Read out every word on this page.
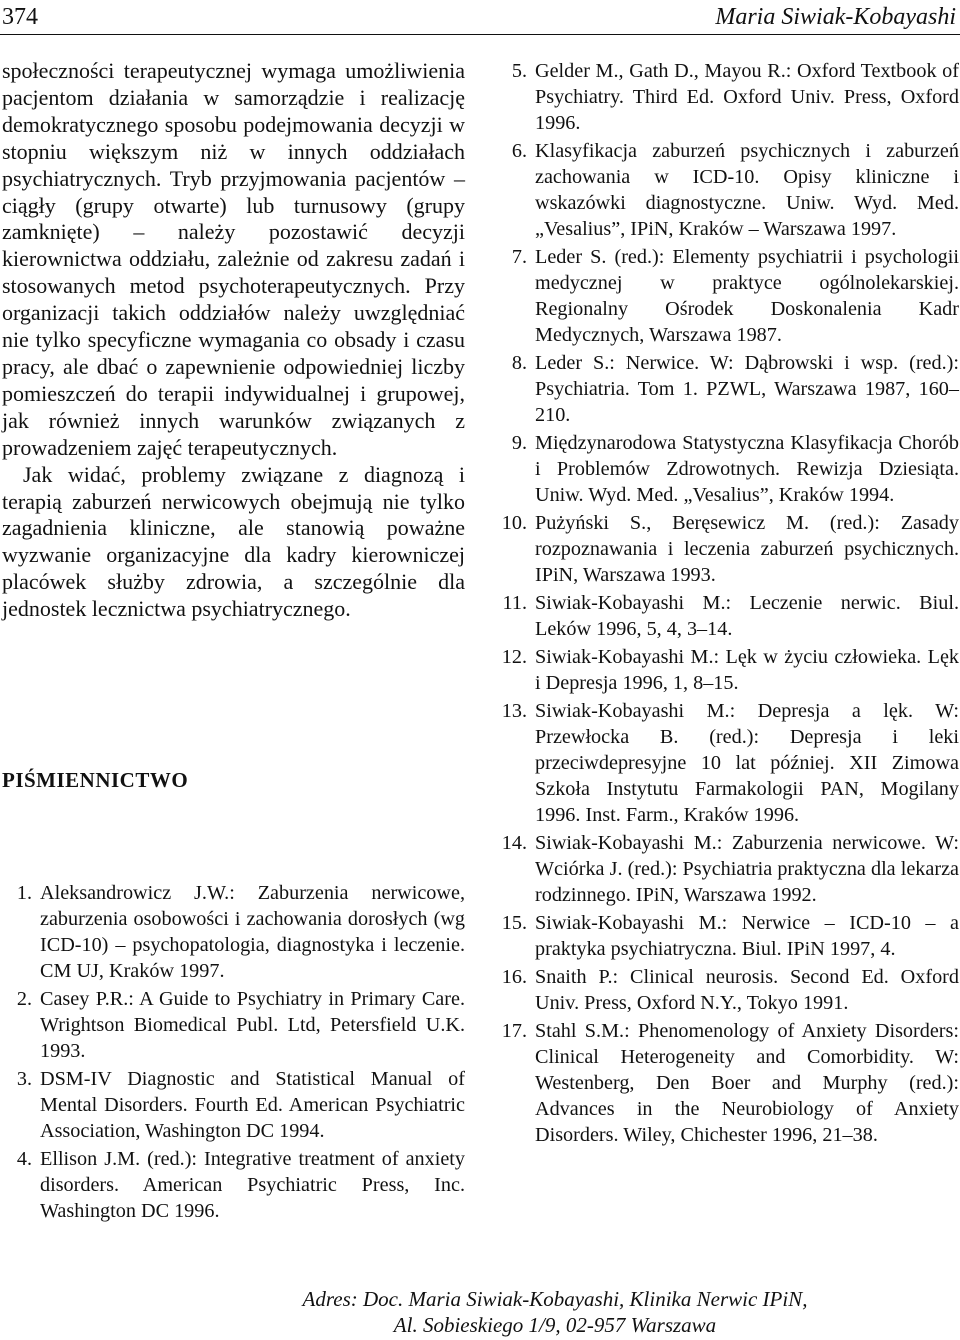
374	Maria Siwiak-Kobayashi

społeczności terapeutycznej wymaga umożliwienia pacjentom działania w samorządzie i realizację demokratycznego sposobu podejmowania decyzji w stopniu większym niż w innych oddziałach psychiatrycznych. Tryb przyjmowania pacjentów – ciągły (grupy otwarte) lub turnusowy (grupy zamknięte) – należy pozostawić decyzji kierownictwa oddziału, zależnie od zakresu zadań i stosowanych metod psychoterapeutycznych. Przy organizacji takich oddziałów należy uwzględniać nie tylko specyficzne wymagania co obsady i czasu pracy, ale dbać o zapewnienie odpowiedniej liczby pomieszczeń do terapii indywidualnej i grupowej, jak również innych warunków związanych z prowadzeniem zajęć terapeutycznych.

Jak widać, problemy związane z diagnozą i terapią zaburzeń nerwicowych obejmują nie tylko zagadnienia kliniczne, ale stanowią poważne wyzwanie organizacyjne dla kadry kierowniczej placówek służby zdrowia, a szczególnie dla jednostek lecznictwa psychiatrycznego.

PIŚMIENNICTWO
1. Aleksandrowicz J.W.: Zaburzenia nerwicowe, zaburzenia osobowości i zachowania dorosłych (wg ICD-10) – psychopatologia, diagnostyka i leczenie. CM UJ, Kraków 1997.
2. Casey P.R.: A Guide to Psychiatry in Primary Care. Wrightson Biomedical Publ. Ltd, Petersfield U.K. 1993.
3. DSM-IV Diagnostic and Statistical Manual of Mental Disorders. Fourth Ed. American Psychiatric Association, Washington DC 1994.
4. Ellison J.M. (red.): Integrative treatment of anxiety disorders. American Psychiatric Press, Inc. Washington DC 1996.
5. Gelder M., Gath D., Mayou R.: Oxford Textbook of Psychiatry. Third Ed. Oxford Univ. Press, Oxford 1996.
6. Klasyfikacja zaburzeń psychicznych i zaburzeń zachowania w ICD-10. Opisy kliniczne i wskazówki diagnostyczne. Uniw. Wyd. Med. „Vesalius”, IPiN, Kraków – Warszawa 1997.
7. Leder S. (red.): Elementy psychiatrii i psychologii medycznej w praktyce ogólnolekarskiej. Regionalny Ośrodek Doskonalenia Kadr Medycznych, Warszawa 1987.
8. Leder S.: Nerwice. W: Dąbrowski i wsp. (red.): Psychiatria. Tom 1. PZWL, Warszawa 1987, 160–210.
9. Międzynarodowa Statystyczna Klasyfikacja Chorób i Problemów Zdrowotnych. Rewizja Dziesiąta. Uniw. Wyd. Med. „Vesalius”, Kraków 1994.
10. Pużyński S., Beręsewicz M. (red.): Zasady rozpoznawania i leczenia zaburzeń psychicznych. IPiN, Warszawa 1993.
11. Siwiak-Kobayashi M.: Leczenie nerwic. Biul. Leków 1996, 5, 4, 3–14.
12. Siwiak-Kobayashi M.: Lęk w życiu człowieka. Lęk i Depresja 1996, 1, 8–15.
13. Siwiak-Kobayashi M.: Depresja a lęk. W: Przewłocka B. (red.): Depresja i leki przeciwdepresyjne 10 lat później. XII Zimowa Szkoła Instytutu Farmakologii PAN, Mogilany 1996. Inst. Farm., Kraków 1996.
14. Siwiak-Kobayashi M.: Zaburzenia nerwicowe. W: Wciórka J. (red.): Psychiatria praktyczna dla lekarza rodzinnego. IPiN, Warszawa 1992.
15. Siwiak-Kobayashi M.: Nerwice – ICD-10 – a praktyka psychiatryczna. Biul. IPiN 1997, 4.
16. Snaith P.: Clinical neurosis. Second Ed. Oxford Univ. Press, Oxford N.Y., Tokyo 1991.
17. Stahl S.M.: Phenomenology of Anxiety Disorders: Clinical Heterogeneity and Comorbidity. W: Westenberg, Den Boer and Murphy (red.): Advances in the Neurobiology of Anxiety Disorders. Wiley, Chichester 1996, 21–38.
Adres: Doc. Maria Siwiak-Kobayashi, Klinika Nerwic IPiN,
Al. Sobieskiego 1/9, 02-957 Warszawa
